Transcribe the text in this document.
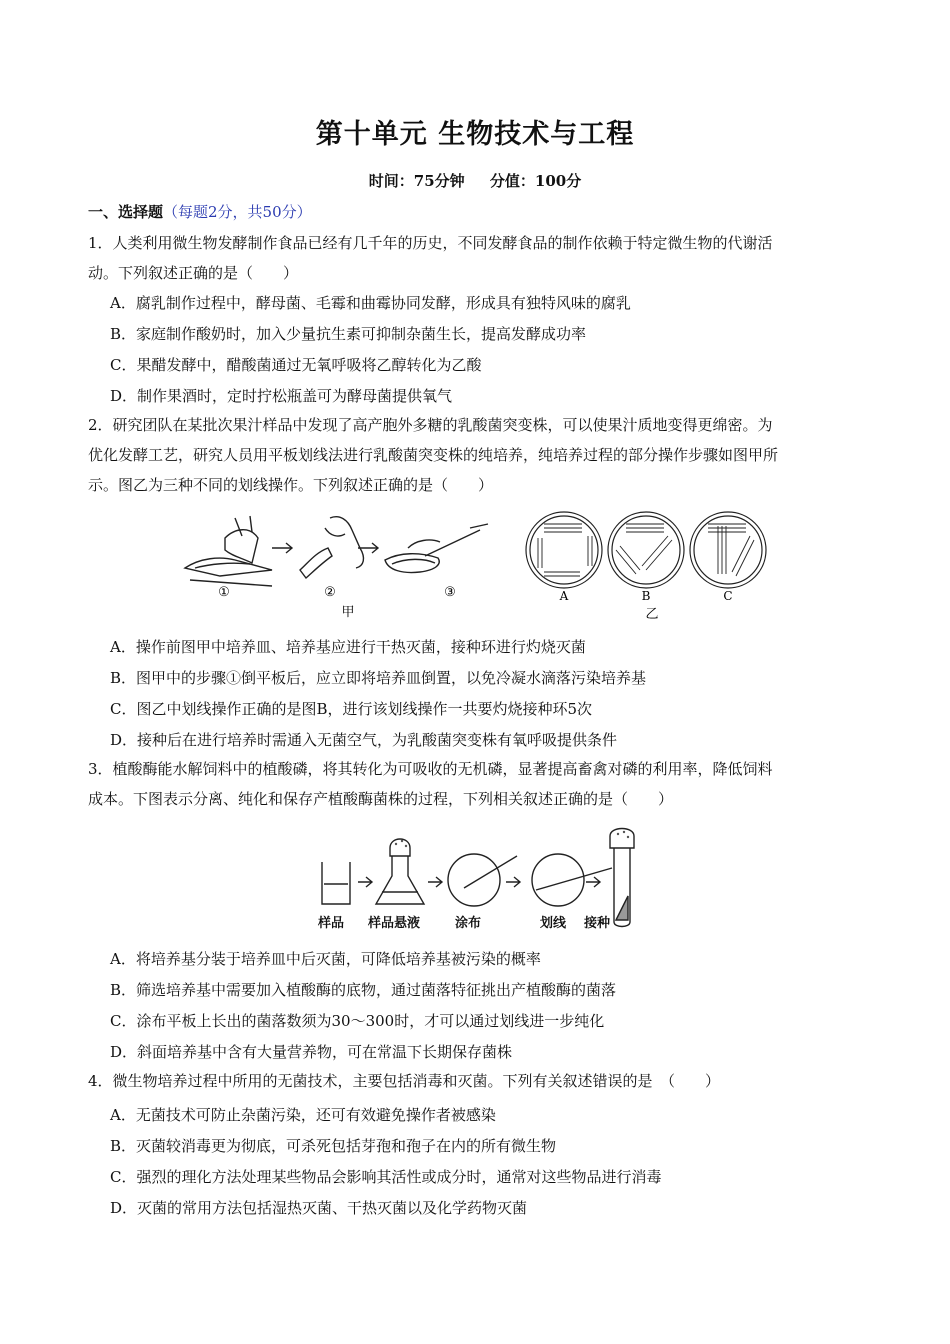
第十单元 生物技术与工程
时间：75分钟 分值：100分
一、选择题（每题2分，共50分）
1．人类利用微生物发酵制作食品已经有几千年的历史，不同发酵食品的制作依赖于特定微生物的代谢活
动。下列叙述正确的是（　　）
A．腐乳制作过程中，酵母菌、毛霉和曲霉协同发酵，形成具有独特风味的腐乳
B．家庭制作酸奶时，加入少量抗生素可抑制杂菌生长，提高发酵成功率
C．果醋发酵中，醋酸菌通过无氧呼吸将乙醇转化为乙酸
D．制作果酒时，定时拧松瓶盖可为酵母菌提供氧气
2．研究团队在某批次果汁样品中发现了高产胞外多糖的乳酸菌突变株，可以使果汁质地变得更绵密。为
优化发酵工艺，研究人员用平板划线法进行乳酸菌突变株的纯培养，纯培养过程的部分操作步骤如图甲所
示。图乙为三种不同的划线操作。下列叙述正确的是（　　）
①	②	③
甲
A	B	C
乙
A．操作前图甲中培养皿、培养基应进行干热灭菌，接种环进行灼烧灭菌
B．图甲中的步骤①倒平板后，应立即将培养皿倒置，以免冷凝水滴落污染培养基
C．图乙中划线操作正确的是图B，进行该划线操作一共要灼烧接种环5次
D．接种后在进行培养时需通入无菌空气，为乳酸菌突变株有氧呼吸提供条件
3．植酸酶能水解饲料中的植酸磷，将其转化为可吸收的无机磷，显著提高畜禽对磷的利用率，降低饲料
成本。下图表示分离、纯化和保存产植酸酶菌株的过程，下列相关叙述正确的是（　　）
样品 样品悬液	涂布	划线 接种
A．将培养基分装于培养皿中后灭菌，可降低培养基被污染的概率
B．筛选培养基中需要加入植酸酶的底物，通过菌落特征挑出产植酸酶的菌落
C．涂布平板上长出的菌落数须为30～300时，才可以通过划线进一步纯化
D．斜面培养基中含有大量营养物，可在常温下长期保存菌株
4．微生物培养过程中所用的无菌技术，主要包括消毒和灭菌。下列有关叙述错误的是　（　　）
A．无菌技术可防止杂菌污染，还可有效避免操作者被感染
B．灭菌较消毒更为彻底，可杀死包括芽孢和孢子在内的所有微生物
C．强烈的理化方法处理某些物品会影响其活性或成分时，通常对这些物品进行消毒
D．灭菌的常用方法包括湿热灭菌、干热灭菌以及化学药物灭菌
